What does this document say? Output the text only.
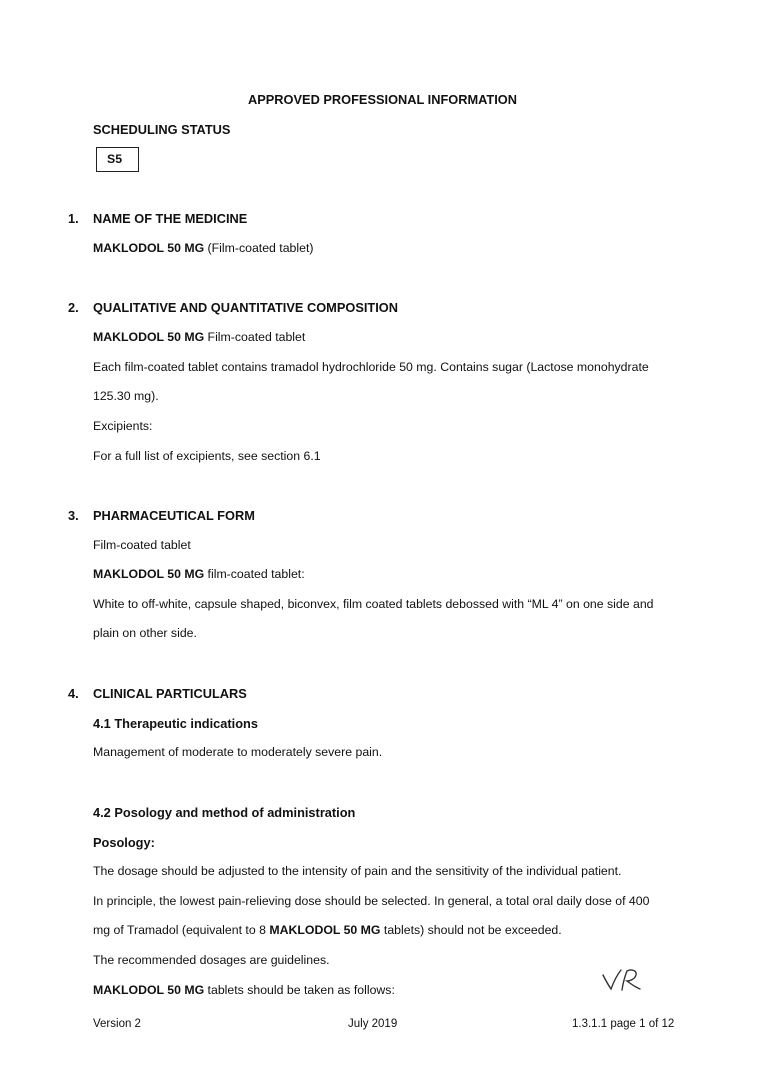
APPROVED PROFESSIONAL INFORMATION
SCHEDULING STATUS
S5
1. NAME OF THE MEDICINE
MAKLODOL 50 MG (Film-coated tablet)
2. QUALITATIVE AND QUANTITATIVE COMPOSITION
MAKLODOL 50 MG Film-coated tablet
Each film-coated tablet contains tramadol hydrochloride 50 mg. Contains sugar (Lactose monohydrate
125.30 mg).
Excipients:
For a full list of excipients, see section 6.1
3. PHARMACEUTICAL FORM
Film-coated tablet
MAKLODOL 50 MG film-coated tablet:
White to off-white, capsule shaped, biconvex, film coated tablets debossed with “ML 4” on one side and
plain on other side.
4. CLINICAL PARTICULARS
4.1 Therapeutic indications
Management of moderate to moderately severe pain.
4.2 Posology and method of administration
Posology:
The dosage should be adjusted to the intensity of pain and the sensitivity of the individual patient.
In principle, the lowest pain-relieving dose should be selected. In general, a total oral daily dose of 400
mg of Tramadol (equivalent to 8 MAKLODOL 50 MG tablets) should not be exceeded.
The recommended dosages are guidelines.
MAKLODOL 50 MG tablets should be taken as follows:
Version 2	July 2019	1.3.1.1 page 1 of 12
